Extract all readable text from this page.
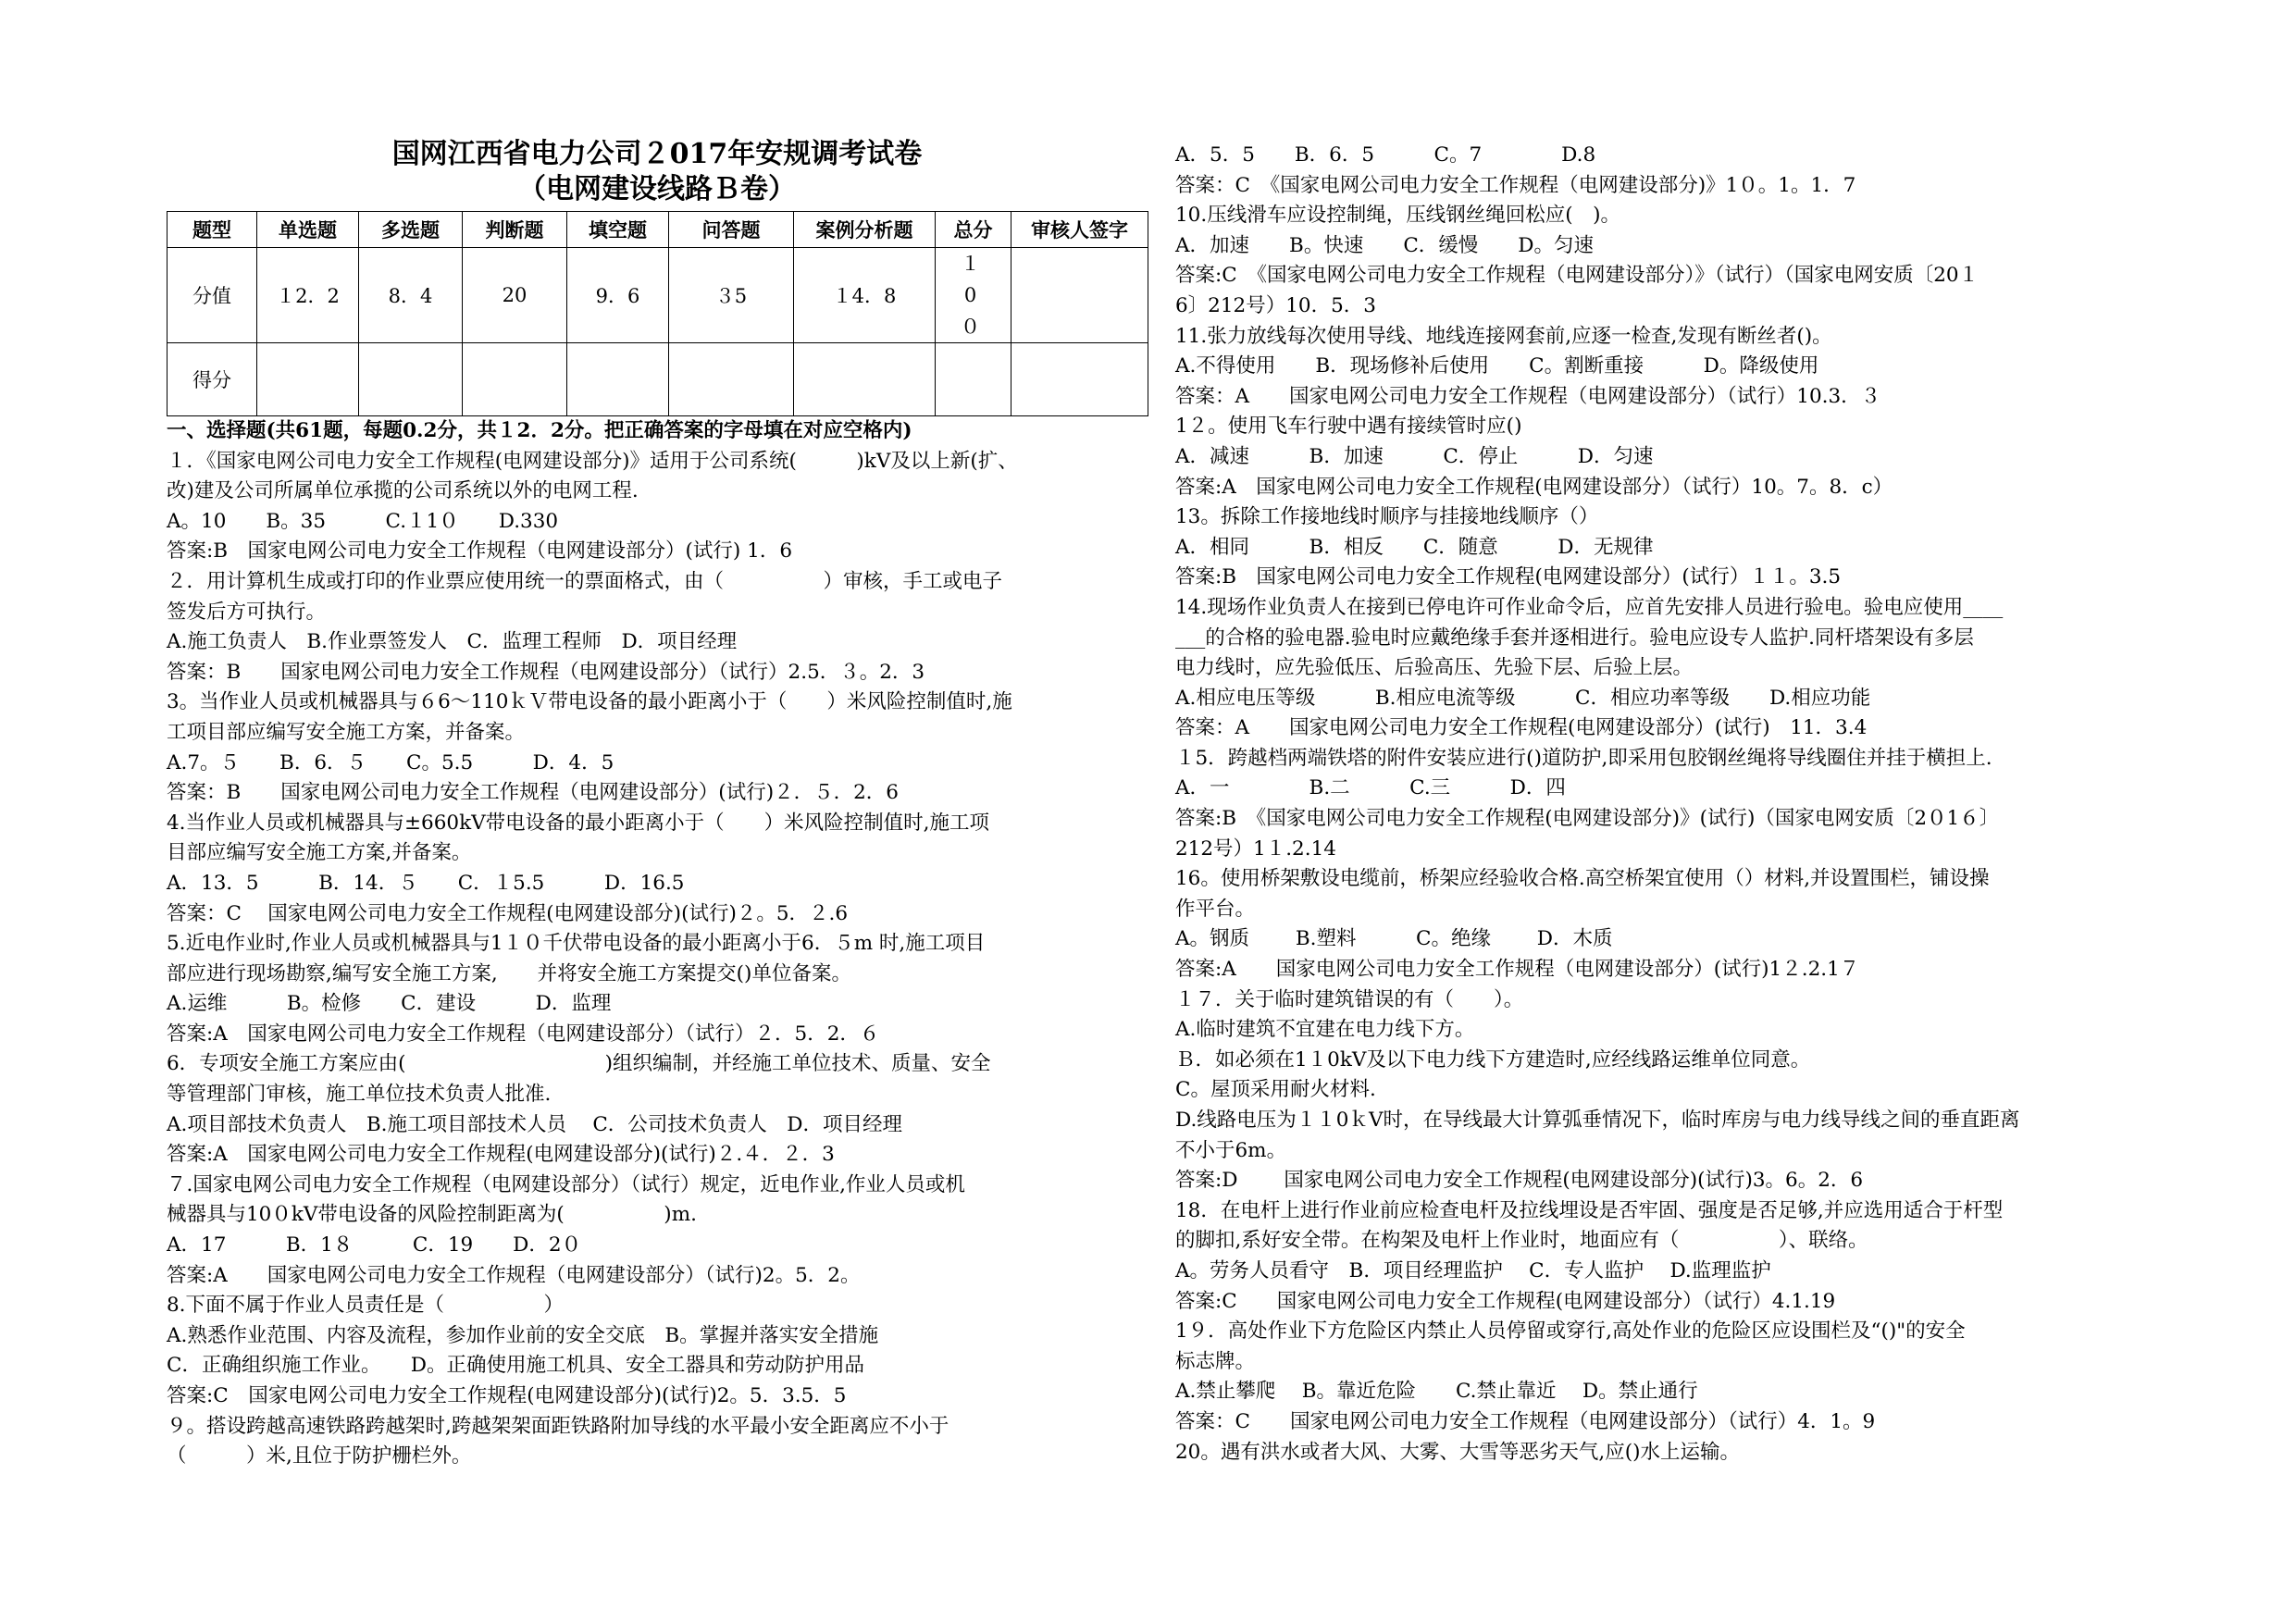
国网江西省电力公司２017年安规调考试卷

（电网建设线路Ｂ卷）

题型	单选题	多选题	判断题	填空题	问答题	案例分析题	总分	审核人签字
分值	１2．2	8．4	20	9．6	３5	１4．8	１0０	

得分								

一、选择题(共61题，每题0.2分，共１2．2分。把正确答案的字母填在对应空格内)

１．《国家电网公司电力安全工作规程(电网建设部分)》适用于公司系统(　　　)kV及以上新(扩、

改)建及公司所属单位承揽的公司系统以外的电网工程.

A。10　　B。35　　　C.１1０　　D.330

答案:B　国家电网公司电力安全工作规程（电网建设部分）(试行) 1．6

２．用计算机生成或打印的作业票应使用统一的票面格式，由（　　　　　）审核，手工或电子

签发后方可执行。

A.施工负责人　B.作业票签发人　C．监理工程师　D．项目经理

答案：B　　国家电网公司电力安全工作规程（电网建设部分）（试行）2.5．３。2．3

3。当作业人员或机械器具与６6～110ｋＶ带电设备的最小距离小于（　　）米风险控制值时,施

工项目部应编写安全施工方案，并备案。

A.7。５　　B．6．５　　C。5.5　　　D．4．5

答案：B　　国家电网公司电力安全工作规程（电网建设部分）(试行)２．５．2．6

4.当作业人员或机械器具与±660kV带电设备的最小距离小于（　　）米风险控制值时,施工项

目部应编写安全施工方案,并备案。

A．13．5　　　B．14．５　　C．１5.5　　　D．16.5

答案：C　 国家电网公司电力安全工作规程(电网建设部分)(试行)２。5．２.6

5.近电作业时,作业人员或机械器具与1１０千伏带电设备的最小距离小于6．５m 时,施工项目

部应进行现场勘察,编写安全施工方案,　　并将安全施工方案提交()单位备案。

A.运维　　　B。检修　　C．建设　　　D．监理

答案:A　国家电网公司电力安全工作规程（电网建设部分）（试行）２．5．2．６

6．专项安全施工方案应由(　　　　　　　　　　)组织编制，并经施工单位技术、质量、安全

等管理部门审核，施工单位技术负责人批准.

A.项目部技术负责人　B.施工项目部技术人员　 C．公司技术负责人　D．项目经理

答案:A　国家电网公司电力安全工作规程(电网建设部分)(试行)２.４．２．3

７.国家电网公司电力安全工作规程（电网建设部分）（试行）规定，近电作业,作业人员或机

械器具与10０kV带电设备的风险控制距离为(　　　　　)m.

A．17　　　B．1８　　　C．19　　D．2０

答案:A　　国家电网公司电力安全工作规程（电网建设部分）（试行)2。5．2。

8.下面不属于作业人员责任是（　　　　　）

A.熟悉作业范围、内容及流程，参加作业前的安全交底　B。掌握并落实安全措施

C．正确组织施工作业。　　D。正确使用施工机具、安全工器具和劳动防护用品

答案:C　国家电网公司电力安全工作规程(电网建设部分)(试行)2。5．3.5．5

９。搭设跨越高速铁路跨越架时,跨越架架面距铁路附加导线的水平最小安全距离应不小于

（　　　）米,且位于防护栅栏外。

A．5．5　　B．6．5　　　C。7　　　　D.8

答案：C　《国家电网公司电力安全工作规程（电网建设部分)》1０。1。1．7

10.压线滑车应设控制绳，压线钢丝绳回松应(　)。

A．加速　　B。快速　　C．缓慢　　D。匀速

答案:C　《国家电网公司电力安全工作规程（电网建设部分）》（试行）（国家电网安质〔20１

6〕212号）10．5．3

11.张力放线每次使用导线、地线连接网套前,应逐一检查,发现有断丝者()。

A.不得使用　　B．现场修补后使用　　C。割断重接　　　D。降级使用

答案：A　　国家电网公司电力安全工作规程（电网建设部分）（试行）10.3．３

1２。使用飞车行驶中遇有接续管时应()

A．减速　　　B．加速　　　C．停止　　　D．匀速

答案:A　国家电网公司电力安全工作规程(电网建设部分）（试行）10。7。8．c）

13。拆除工作接地线时顺序与挂接地线顺序（）

A．相同　　　B．相反　　C．随意　　　D．无规律

答案:B　国家电网公司电力安全工作规程(电网建设部分）(试行）１１。3.5

14.现场作业负责人在接到已停电许可作业命令后，应首先安排人员进行验电。验电应使用____

___的合格的验电器.验电时应戴绝缘手套并逐相进行。验电应设专人监护.同杆塔架设有多层

电力线时，应先验低压、后验高压、先验下层、后验上层。

A.相应电压等级　　　B.相应电流等级　　　C．相应功率等级　　D.相应功能

答案：A　　国家电网公司电力安全工作规程(电网建设部分）(试行)　11．3.4

１5．跨越档两端铁塔的附件安装应进行()道防护,即采用包胶钢丝绳将导线圈住并挂于横担上.

A．一　　　　B.二　　　C.三　　　D．四

答案:B　《国家电网公司电力安全工作规程(电网建设部分)》(试行)（国家电网安质〔2０1６〕

212号）1１.2.14

16。使用桥架敷设电缆前，桥架应经验收合格.高空桥架宜使用（）材料,并设置围栏，铺设操

作平台。

A。钢质　　 B.塑料　　　C。绝缘　　 D．木质

答案:A　　国家电网公司电力安全工作规程（电网建设部分）(试行)1２.2.1７

１７．关于临时建筑错误的有（　　）。

A.临时建筑不宜建在电力线下方。

Ｂ．如必须在1１0kV及以下电力线下方建造时,应经线路运维单位同意。

C。屋顶采用耐火材料.

D.线路电压为１１0ｋV时，在导线最大计算弧垂情况下，临时库房与电力线导线之间的垂直距离

不小于6m。

答案:D　　 国家电网公司电力安全工作规程(电网建设部分)(试行)3。6。2．6

18．在电杆上进行作业前应检查电杆及拉线埋设是否牢固、强度是否足够,并应选用适合于杆型

的脚扣,系好安全带。在构架及电杆上作业时，地面应有（　　　　　）、联络。

A。劳务人员看守　B．项目经理监护　 C．专人监护　 D.监理监护

答案:C　　国家电网公司电力安全工作规程(电网建设部分）（试行）4.1.19

1９．高处作业下方危险区内禁止人员停留或穿行,高处作业的危险区应设围栏及“()"的安全

标志牌。

A.禁止攀爬　 B。靠近危险　　C.禁止靠近　 D。禁止通行

答案：C　　国家电网公司电力安全工作规程（电网建设部分）（试行）4．1。9

20。遇有洪水或者大风、大雾、大雪等恶劣天气,应()水上运输。
